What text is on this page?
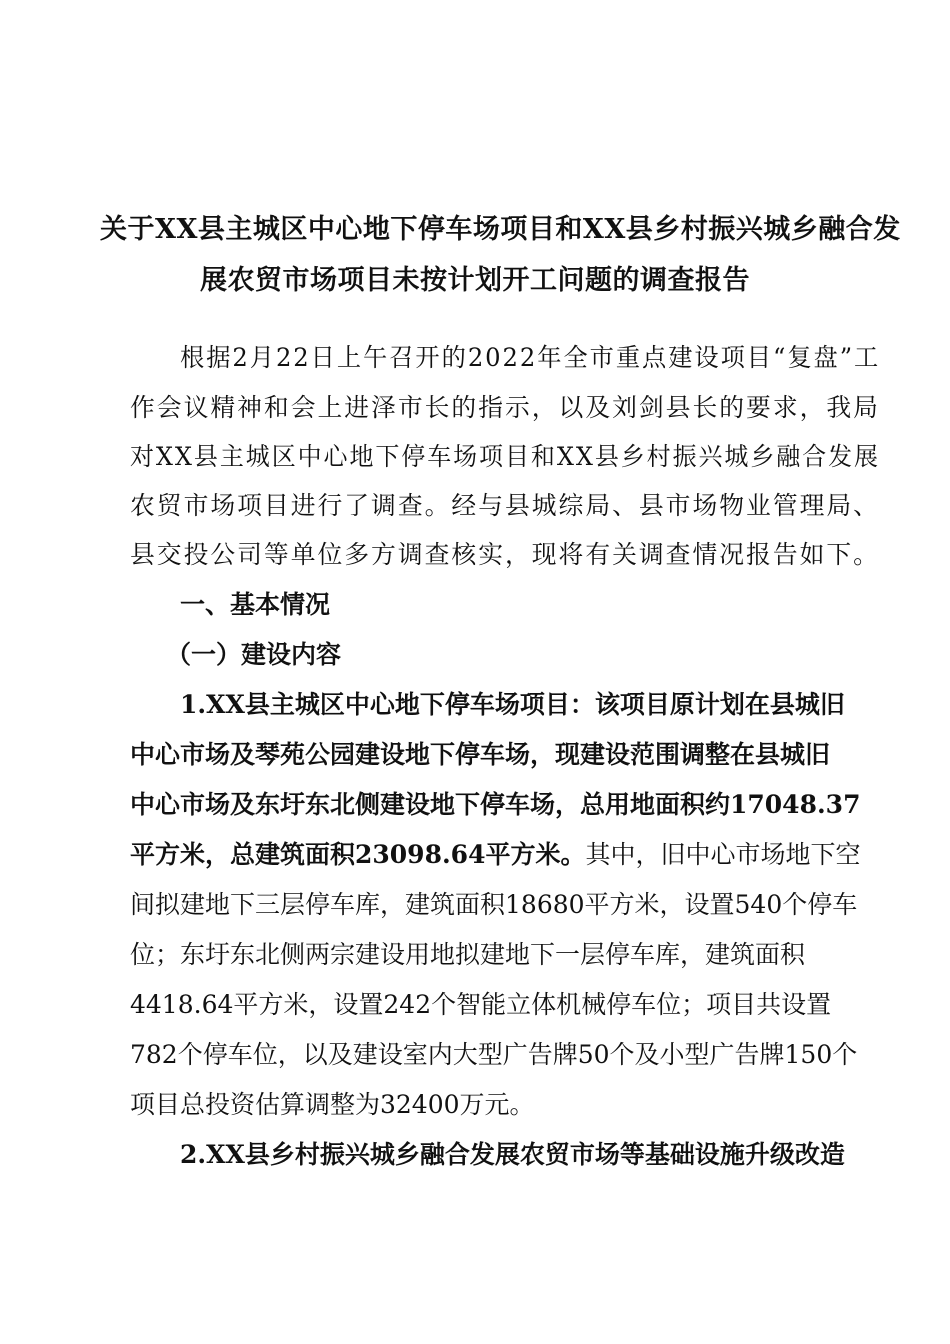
关于XX县主城区中心地下停车场项目和XX县乡村振兴城乡融合发
展农贸市场项目未按计划开工问题的调查报告
根据2月22日上午召开的2022年全市重点建设项目“复盘”工
作会议精神和会上进泽市长的指示，以及刘剑县长的要求，我局
对XX县主城区中心地下停车场项目和XX县乡村振兴城乡融合发展
农贸市场项目进行了调查。经与县城综局、县市场物业管理局、
县交投公司等单位多方调查核实，现将有关调查情况报告如下。
一、基本情况
（一）建设内容
1.XX县主城区中心地下停车场项目：该项目原计划在县城旧
中心市场及琴苑公园建设地下停车场，现建设范围调整在县城旧
中心市场及东圩东北侧建设地下停车场，总用地面积约17048.37
平方米，总建筑面积23098.64平方米。其中，旧中心市场地下空
间拟建地下三层停车库，建筑面积18680平方米，设置540个停车
位；东圩东北侧两宗建设用地拟建地下一层停车库，建筑面积
4418.64平方米，设置242个智能立体机械停车位；项目共设置
782个停车位，以及建设室内大型广告牌50个及小型广告牌150个
项目总投资估算调整为32400万元。
2.XX县乡村振兴城乡融合发展农贸市场等基础设施升级改造
